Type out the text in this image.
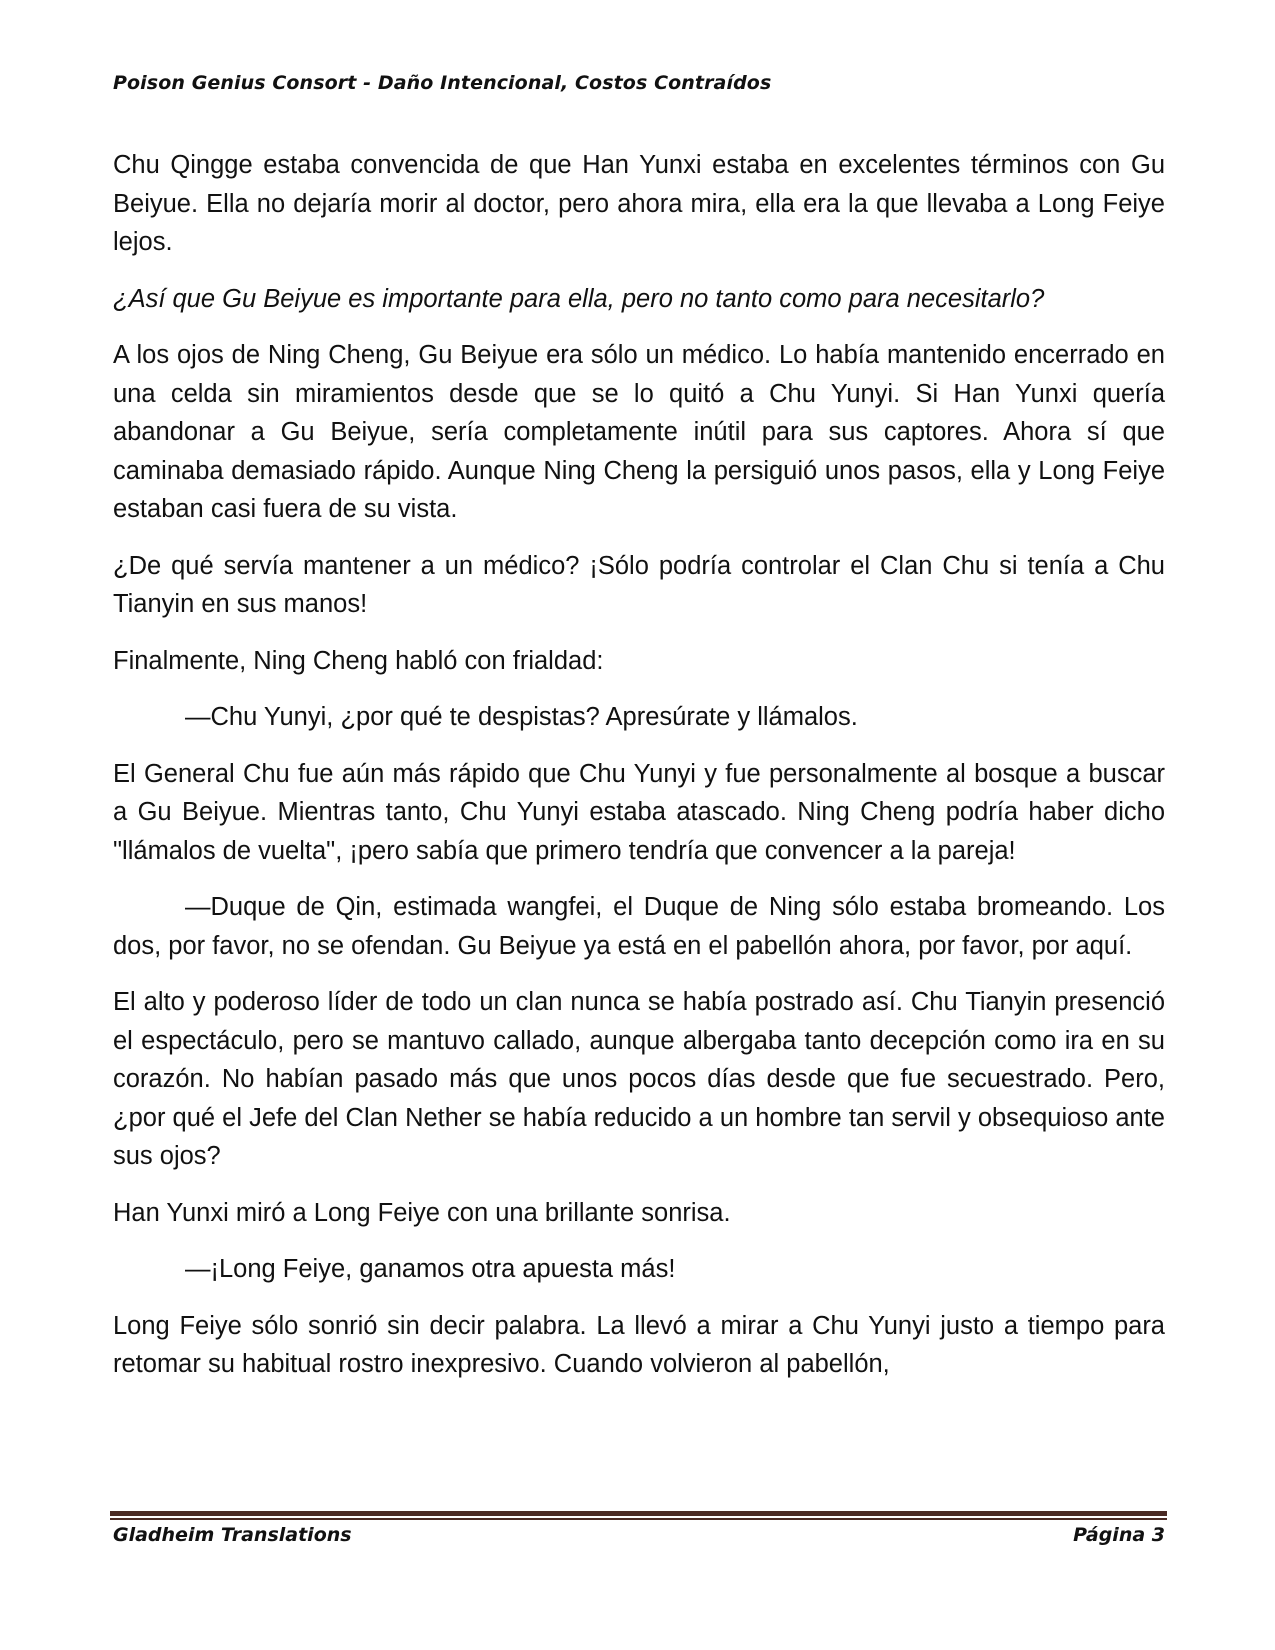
Poison Genius Consort - Daño Intencional, Costos Contraídos

Chu Qingge estaba convencida de que Han Yunxi estaba en excelentes términos con Gu Beiyue. Ella no dejaría morir al doctor, pero ahora mira, ella era la que llevaba a Long Feiye lejos.

¿Así que Gu Beiyue es importante para ella, pero no tanto como para necesitarlo?

A los ojos de Ning Cheng, Gu Beiyue era sólo un médico. Lo había mantenido encerrado en una celda sin miramientos desde que se lo quitó a Chu Yunyi. Si Han Yunxi quería abandonar a Gu Beiyue, sería completamente inútil para sus captores. Ahora sí que caminaba demasiado rápido. Aunque Ning Cheng la persiguió unos pasos, ella y Long Feiye estaban casi fuera de su vista.

¿De qué servía mantener a un médico? ¡Sólo podría controlar el Clan Chu si tenía a Chu Tianyin en sus manos!

Finalmente, Ning Cheng habló con frialdad:

—Chu Yunyi, ¿por qué te despistas? Apresúrate y llámalos.

El General Chu fue aún más rápido que Chu Yunyi y fue personalmente al bosque a buscar a Gu Beiyue. Mientras tanto, Chu Yunyi estaba atascado. Ning Cheng podría haber dicho "llámalos de vuelta", ¡pero sabía que primero tendría que convencer a la pareja!

—Duque de Qin, estimada wangfei, el Duque de Ning sólo estaba bromeando. Los dos, por favor, no se ofendan. Gu Beiyue ya está en el pabellón ahora, por favor, por aquí.

El alto y poderoso líder de todo un clan nunca se había postrado así. Chu Tianyin presenció el espectáculo, pero se mantuvo callado, aunque albergaba tanto decepción como ira en su corazón. No habían pasado más que unos pocos días desde que fue secuestrado. Pero, ¿por qué el Jefe del Clan Nether se había reducido a un hombre tan servil y obsequioso ante sus ojos?

Han Yunxi miró a Long Feiye con una brillante sonrisa.

—¡Long Feiye, ganamos otra apuesta más!

Long Feiye sólo sonrió sin decir palabra. La llevó a mirar a Chu Yunyi justo a tiempo para retomar su habitual rostro inexpresivo. Cuando volvieron al pabellón,

Gladheim Translations	Página 3
